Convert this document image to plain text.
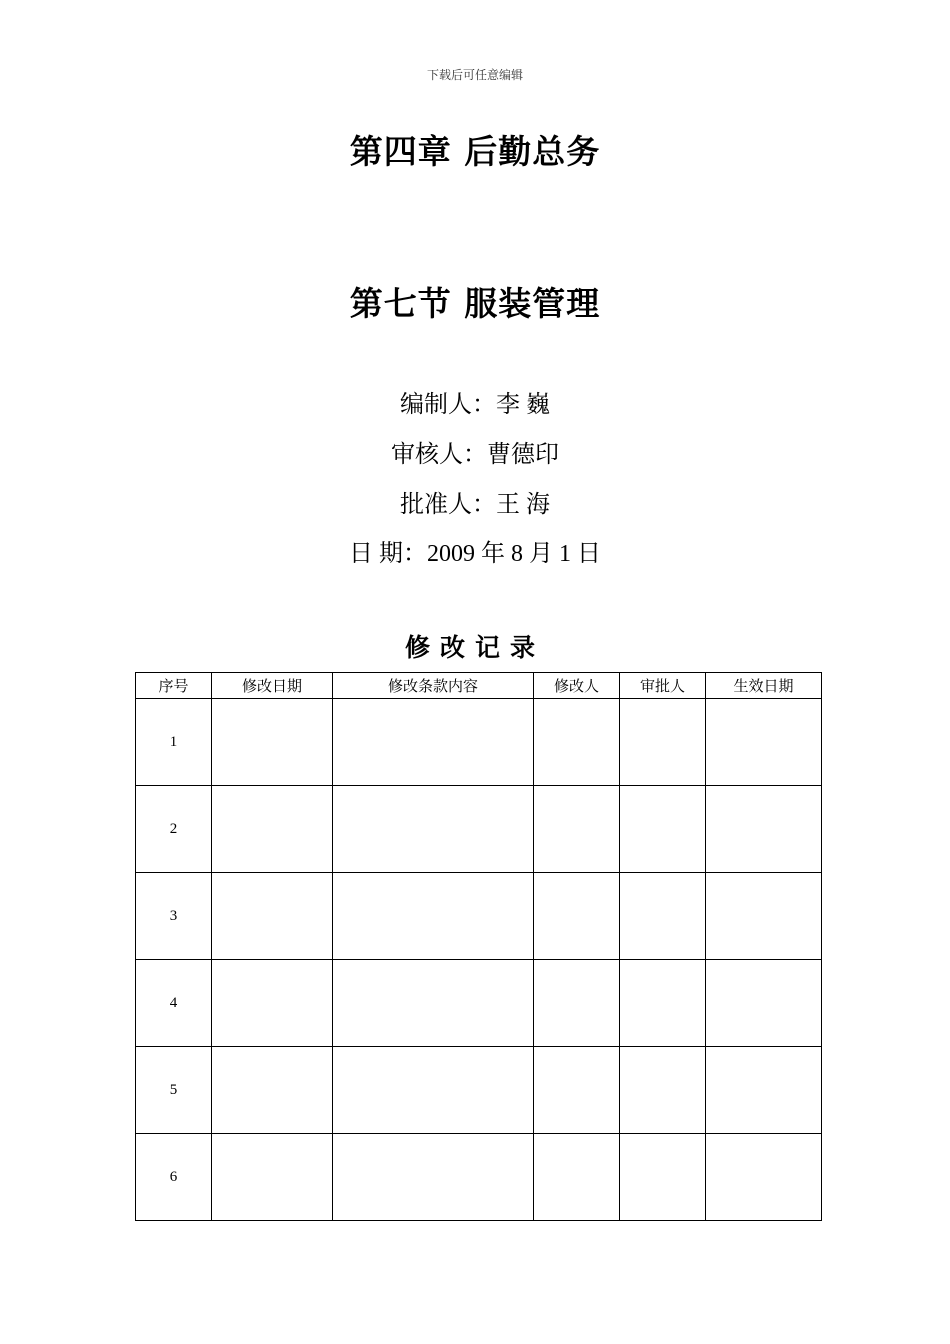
下载后可任意编辑
第四章 后勤总务
第七节 服装管理
编制人：李 巍
审核人：曹德印
批准人：王 海
日 期：2009 年 8 月 1 日
修改记录
序号	修改日期	修改条款内容	修改人	审批人	生效日期
1					
2					
3					
4					
5					
6					
